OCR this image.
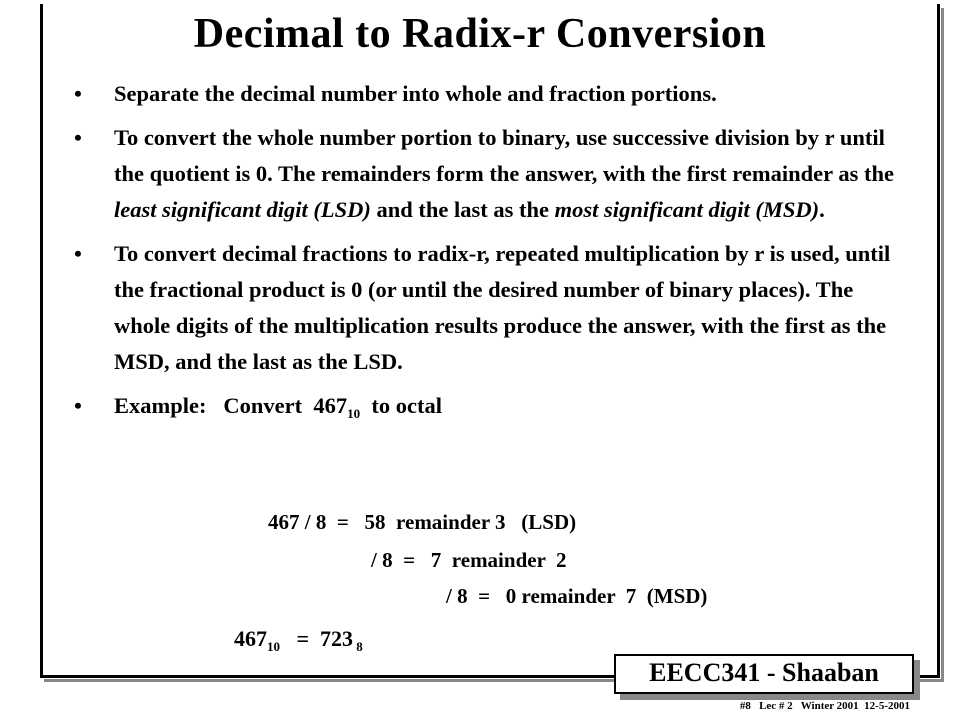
Decimal to Radix-r Conversion
• Separate the decimal number into whole and fraction portions.
• To convert the whole number portion to binary, use successive division by r until the quotient is 0. The remainders form the answer, with the first remainder as the least significant digit (LSD) and the last as the most significant digit (MSD).
• To convert decimal fractions to radix-r, repeated multiplication by r is used, until the fractional product is 0 (or until the desired number of binary places). The whole digits of the multiplication results produce the answer, with the first as the MSD, and the last as the LSD.
• Example:   Convert  $467_{10}$  to octal
467 / 8  =   58  remainder 3   (LSD)
/ 8  =   7  remainder  2
/ 8  =   0 remainder  7  (MSD)
$467_{10} = 723$ $_8$
EECC341 - Shaaban
#8   Lec # 2   Winter 2001  12-5-2001
